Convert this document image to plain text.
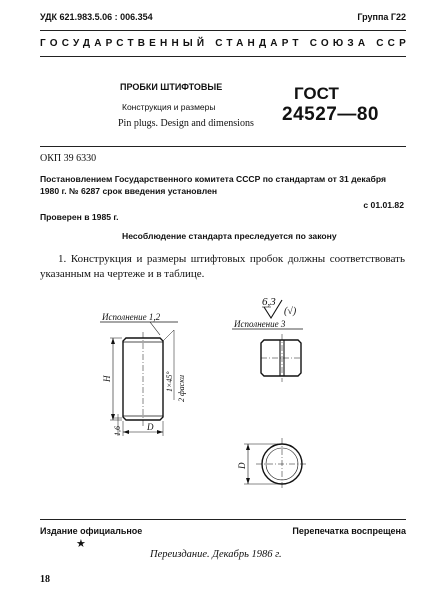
УДК 621.983.5.06 : 006.354	Группа Г22
ГОСУДАРСТВЕННЫЙ СТАНДАРТ СОЮЗА ССР
ПРОБКИ ШТИФТОВЫЕ
Конструкция и размеры
Pin plugs. Design and dimensions
ГОСТ
24527—80
ОКП 39 6330
Постановлением Государственного комитета СССР по стандартам от 31 декабря 1980 г. № 6287 срок введения установлен
с 01.01.82
Проверен в 1985 г.
Несоблюдение стандарта преследуется по закону
1. Конструкция и размеры штифтовых пробок должны соответствовать указанным на чертеже и в таблице.
Исполнение 1,2
H	1×45° 2 фаски
D
1,6
6,3
(√)
Исполнение 3
D
Издание официальное	Перепечатка воспрещена
★
Переиздание. Декабрь 1986 г.
18
